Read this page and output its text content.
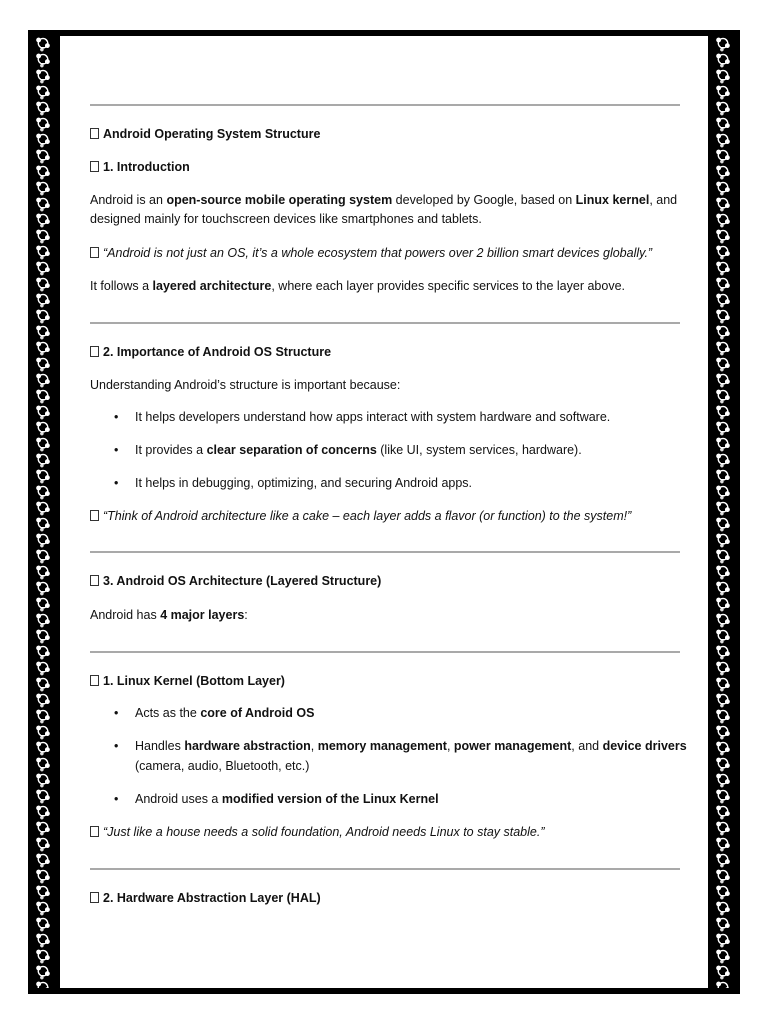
Android Operating System Structure
1. Introduction
Android is an open-source mobile operating system developed by Google, based on Linux kernel, and
designed mainly for touchscreen devices like smartphones and tablets.
“Android is not just an OS, it’s a whole ecosystem that powers over 2 billion smart devices globally.”
It follows a layered architecture, where each layer provides specific services to the layer above.
2. Importance of Android OS Structure
Understanding Android’s structure is important because:
• It helps developers understand how apps interact with system hardware and software.
• It provides a clear separation of concerns (like UI, system services, hardware).
• It helps in debugging, optimizing, and securing Android apps.
“Think of Android architecture like a cake – each layer adds a flavor (or function) to the system!”
3. Android OS Architecture (Layered Structure)
Android has 4 major layers:
1. Linux Kernel (Bottom Layer)
• Acts as the core of Android OS
• Handles hardware abstraction, memory management, power management, and device drivers
(camera, audio, Bluetooth, etc.)
• Android uses a modified version of the Linux Kernel
“Just like a house needs a solid foundation, Android needs Linux to stay stable.”
2. Hardware Abstraction Layer (HAL)
